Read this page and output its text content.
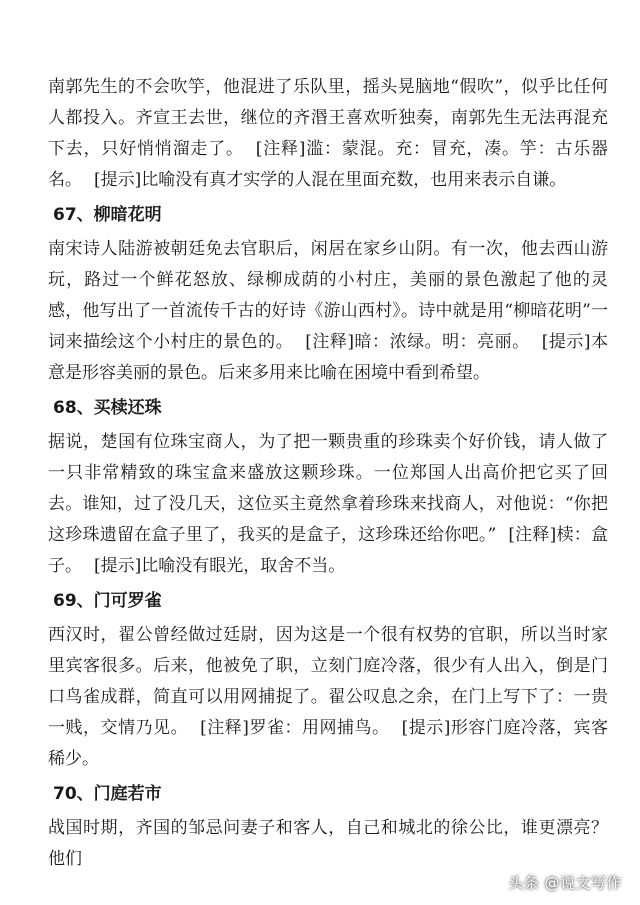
南郭先生的不会吹竽，他混进了乐队里，摇头晃脑地“假吹”，似乎比任何人都投入。齐宣王去世，继位的齐湣王喜欢听独奏，南郭先生无法再混充下去，只好悄悄溜走了。 [注释]滥：蒙混。充：冒充，凑。竽：古乐器名。 [提示]比喻没有真才实学的人混在里面充数，也用来表示自谦。

67、柳暗花明

南宋诗人陆游被朝廷免去官职后，闲居在家乡山阴。有一次，他去西山游玩，路过一个鲜花怒放、绿柳成荫的小村庄，美丽的景色激起了他的灵感，他写出了一首流传千古的好诗《游山西村》。诗中就是用“柳暗花明”一词来描绘这个小村庄的景色的。 [注释]暗：浓绿。明：亮丽。 [提示]本意是形容美丽的景色。后来多用来比喻在困境中看到希望。

68、买椟还珠

据说，楚国有位珠宝商人，为了把一颗贵重的珍珠卖个好价钱，请人做了一只非常精致的珠宝盒来盛放这颗珍珠。一位郑国人出高价把它买了回去。谁知，过了没几天，这位买主竟然拿着珍珠来找商人，对他说：“你把这珍珠遗留在盒子里了，我买的是盒子，这珍珠还给你吧。” [注释]椟：盒子。 [提示]比喻没有眼光，取舍不当。

69、门可罗雀

西汉时，翟公曾经做过廷尉，因为这是一个很有权势的官职，所以当时家里宾客很多。后来，他被免了职，立刻门庭冷落，很少有人出入，倒是门口鸟雀成群，简直可以用网捕捉了。翟公叹息之余，在门上写下了：一贵一贱，交情乃见。 [注释]罗雀：用网捕鸟。 [提示]形容门庭冷落，宾客稀少。

70、门庭若市

战国时期，齐国的邹忌问妻子和客人，自己和城北的徐公比，谁更漂亮？他们

头条 @说文写作
